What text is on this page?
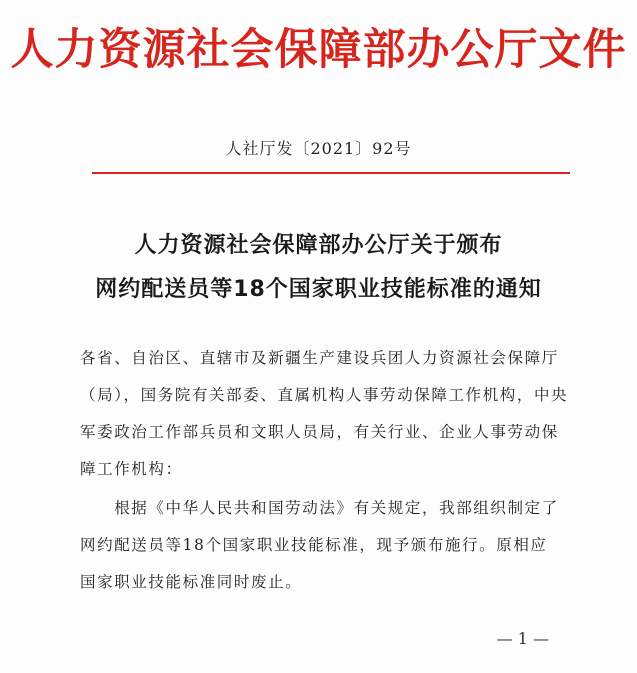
人力资源社会保障部办公厅文件
人社厅发〔2021〕92号
人力资源社会保障部办公厅关于颁布
网约配送员等18个国家职业技能标准的通知
各省、自治区、直辖市及新疆生产建设兵团人力资源社会保障厅
（局），国务院有关部委、直属机构人事劳动保障工作机构，中央
军委政治工作部兵员和文职人员局，有关行业、企业人事劳动保
障工作机构：
　　根据《中华人民共和国劳动法》有关规定，我部组织制定了
网约配送员等18个国家职业技能标准，现予颁布施行。原相应
国家职业技能标准同时废止。
— 1 —
